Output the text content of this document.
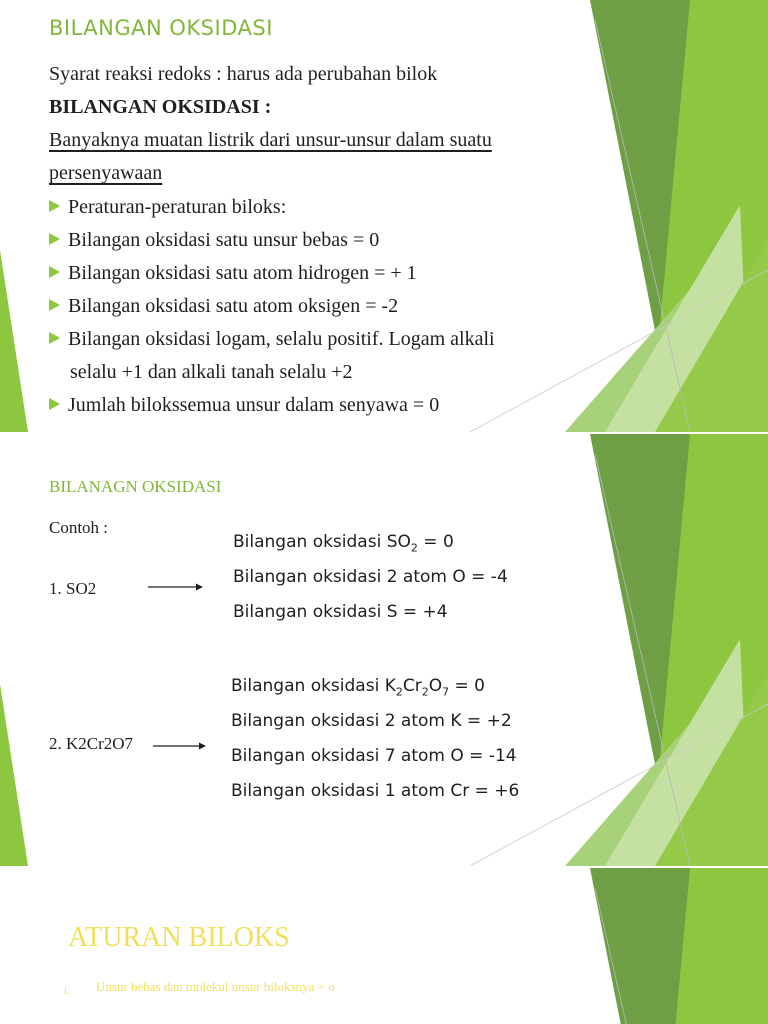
BILANGAN OKSIDASI
Syarat reaksi redoks : harus ada perubahan bilok
BILANGAN OKSIDASI :
Banyaknya muatan listrik dari unsur-unsur dalam suatu
persenyawaan
Peraturan-peraturan biloks:
Bilangan oksidasi satu unsur bebas = 0
Bilangan oksidasi satu atom hidrogen = + 1
Bilangan oksidasi satu atom oksigen = -2
Bilangan oksidasi logam, selalu positif. Logam alkali
selalu +1 dan alkali tanah selalu +2
Jumlah bilokssemua unsur dalam senyawa = 0
BILANAGN OKSIDASI
Contoh :
Bilangan oksidasi $SO_2 = 0$
1. SO2
Bilangan oksidasi 2 atom O = -4
Bilangan oksidasi S = +4
Bilangan oksidasi $K_2Cr_2O_7 = 0$
Bilangan oksidasi 2 atom K = +2
2. K2Cr2O7
Bilangan oksidasi 7 atom O = -14
Bilangan oksidasi 1 atom Cr = +6
ATURAN BILOKS
1. Unsur bebas dan molekul unsur biloksnya = o
